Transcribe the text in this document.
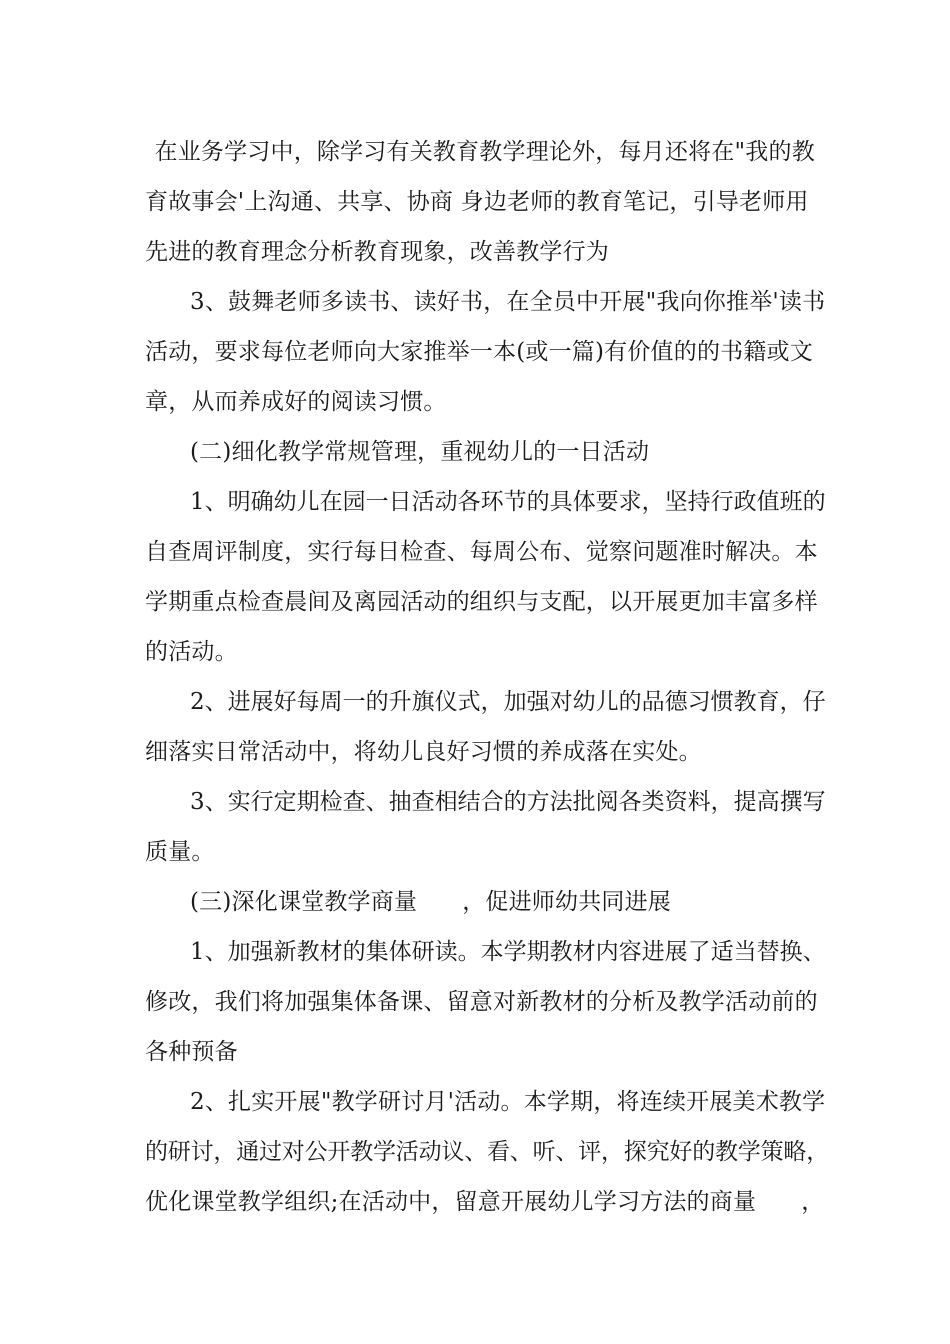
在业务学习中，除学习有关教育教学理论外，每月还将在"我的教
育故事会'上沟通、共享、协商 身边老师的教育笔记，引导老师用
先进的教育理念分析教育现象，改善教学行为
3、鼓舞老师多读书、读好书，在全员中开展"我向你推举'读书
活动，要求每位老师向大家推举一本(或一篇)有价值的的书籍或文
章，从而养成好的阅读习惯。
(二)细化教学常规管理，重视幼儿的一日活动
1、明确幼儿在园一日活动各环节的具体要求，坚持行政值班的
自查周评制度，实行每日检查、每周公布、觉察问题准时解决。本
学期重点检查晨间及离园活动的组织与支配，以开展更加丰富多样
的活动。
2、进展好每周一的升旗仪式，加强对幼儿的品德习惯教育，仔
细落实日常活动中，将幼儿良好习惯的养成落在实处。
3、实行定期检查、抽查相结合的方法批阅各类资料，提高撰写
质量。
(三)深化课堂教学商量      ，促进师幼共同进展
1、加强新教材的集体研读。本学期教材内容进展了适当替换、
修改，我们将加强集体备课、留意对新教材的分析及教学活动前的
各种预备
2、扎实开展"教学研讨月'活动。本学期，将连续开展美术教学
的研讨，通过对公开教学活动议、看、听、评，探究好的教学策略，
优化课堂教学组织;在活动中，留意开展幼儿学习方法的商量      ，
